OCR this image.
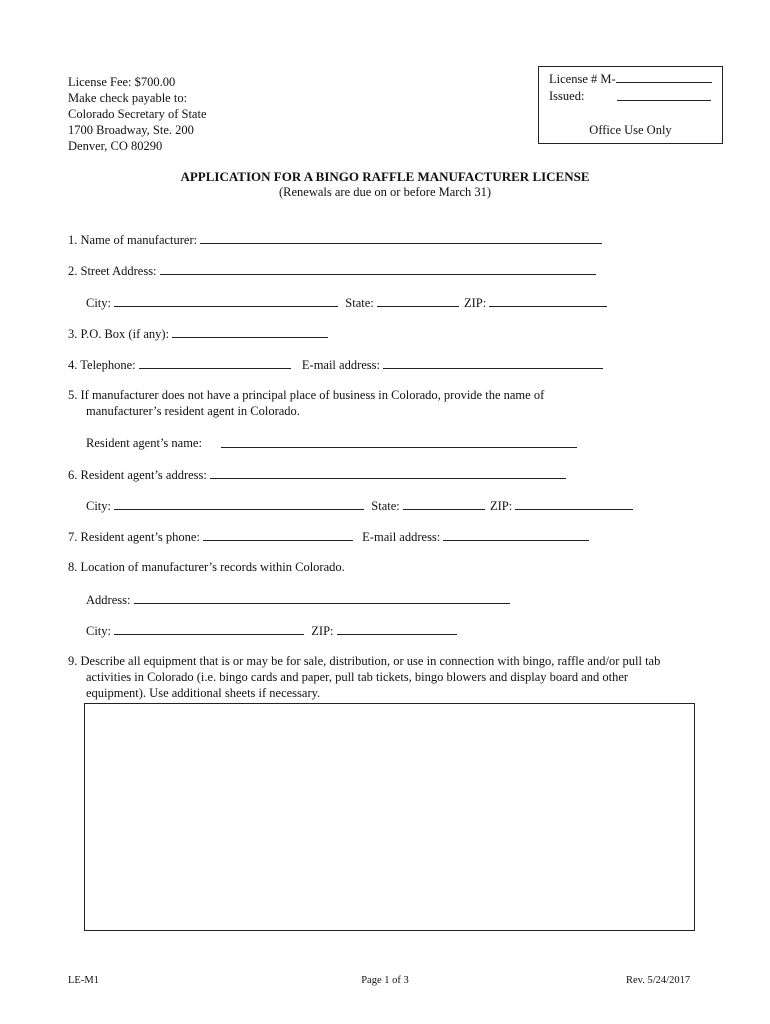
License Fee: $700.00
Make check payable to:
Colorado Secretary of State
1700 Broadway, Ste. 200
Denver, CO 80290
License # M-
Issued:
Office Use Only
APPLICATION FOR A BINGO RAFFLE MANUFACTURER LICENSE
(Renewals are due on or before March 31)
1. Name of manufacturer:
2. Street Address:
City:	State:	ZIP:
3. P.O. Box (if any):
4. Telephone:	E-mail address:
5. If manufacturer does not have a principal place of business in Colorado, provide the name of
manufacturer’s resident agent in Colorado.
Resident agent’s name:
6. Resident agent’s address:
City:	State:	ZIP:
7. Resident agent’s phone:	E-mail address:
8. Location of manufacturer’s records within Colorado.
Address:
City:	ZIP:
9. Describe all equipment that is or may be for sale, distribution, or use in connection with bingo, raffle and/or pull tab
activities in Colorado (i.e. bingo cards and paper, pull tab tickets, bingo blowers and display board and other
equipment). Use additional sheets if necessary.
LE-M1	Page 1 of 3	Rev. 5/24/2017
